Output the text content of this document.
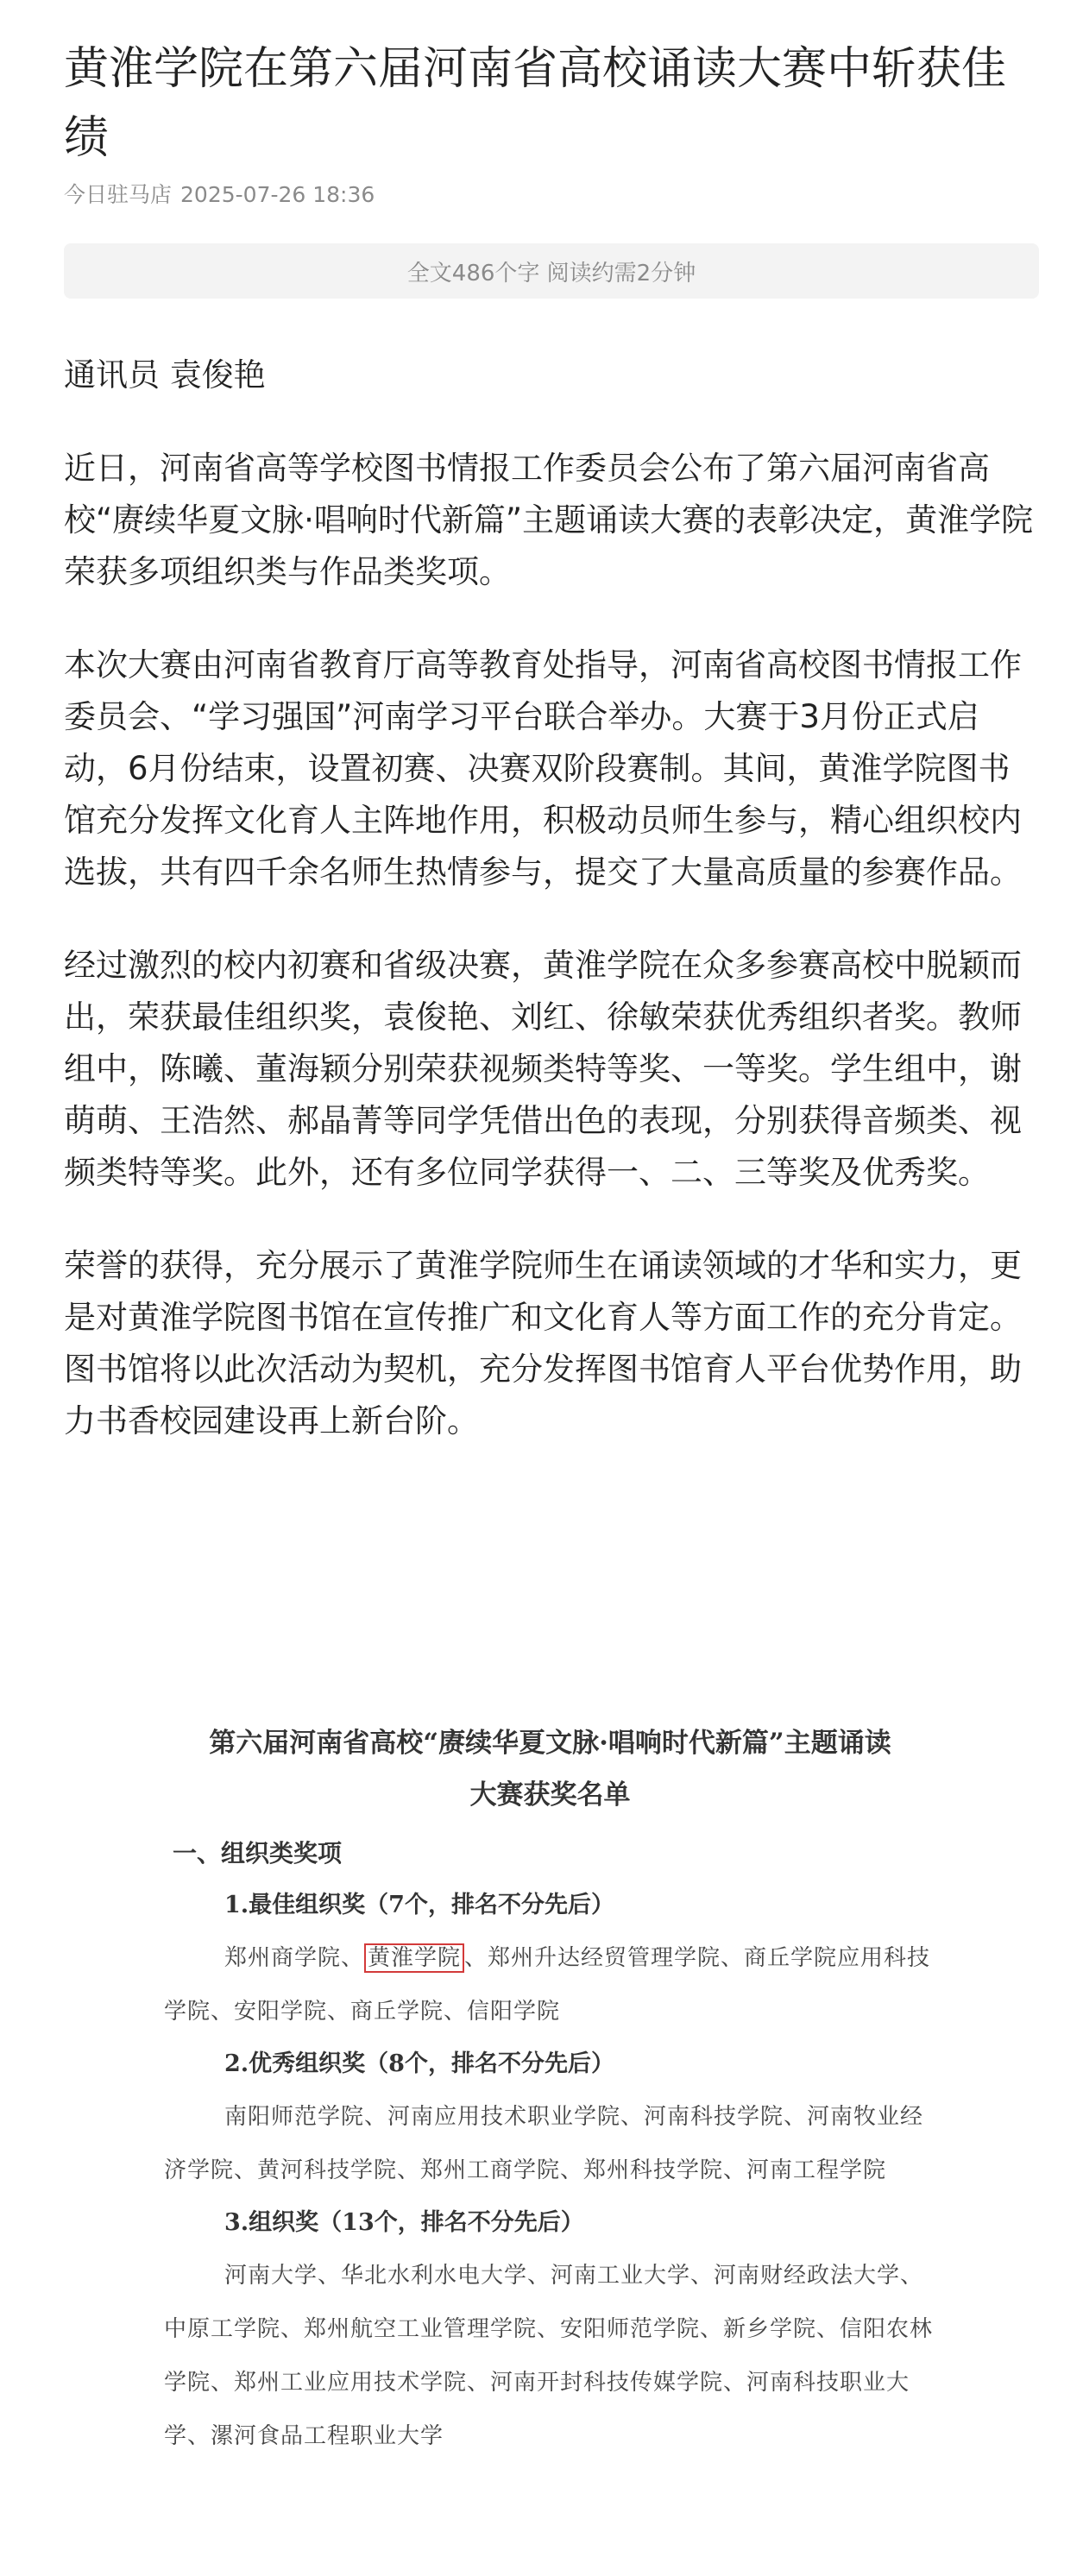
黄淮学院在第六届河南省高校诵读大赛中斩获佳绩
今日驻马店 2025-07-26 18:36
全文486个字 阅读约需2分钟

通讯员 袁俊艳

近日，河南省高等学校图书情报工作委员会公布了第六届河南省高校“赓续华夏文脉·唱响时代新篇”主题诵读大赛的表彰决定，黄淮学院荣获多项组织类与作品类奖项。

本次大赛由河南省教育厅高等教育处指导，河南省高校图书情报工作委员会、“学习强国”河南学习平台联合举办。大赛于3月份正式启动，6月份结束，设置初赛、决赛双阶段赛制。其间，黄淮学院图书馆充分发挥文化育人主阵地作用，积极动员师生参与，精心组织校内选拔，共有四千余名师生热情参与，提交了大量高质量的参赛作品。

经过激烈的校内初赛和省级决赛，黄淮学院在众多参赛高校中脱颖而出，荣获最佳组织奖，袁俊艳、刘红、徐敏荣获优秀组织者奖。教师组中，陈曦、董海颖分别荣获视频类特等奖、一等奖。学生组中，谢萌萌、王浩然、郝晶菁等同学凭借出色的表现，分别获得音频类、视频类特等奖。此外，还有多位同学获得一、二、三等奖及优秀奖。

荣誉的获得，充分展示了黄淮学院师生在诵读领域的才华和实力，更是对黄淮学院图书馆在宣传推广和文化育人等方面工作的充分肯定。图书馆将以此次活动为契机，充分发挥图书馆育人平台优势作用，助力书香校园建设再上新台阶。

第六届河南省高校“赓续华夏文脉·唱响时代新篇”主题诵读

大赛获奖名单

一、组织类奖项

1.最佳组织奖（7个，排名不分先后）

郑州商学院、 黄淮学院 、郑州升达经贸管理学院、商丘学院应用科技学院、安阳学院、商丘学院、信阳学院

2.优秀组织奖（8个，排名不分先后）

南阳师范学院、河南应用技术职业学院、河南科技学院、河南牧业经济学院、黄河科技学院、郑州工商学院、郑州科技学院、河南工程学院

3.组织奖（13个，排名不分先后）

河南大学、华北水利水电大学、河南工业大学、河南财经政法大学、中原工学院、郑州航空工业管理学院、安阳师范学院、新乡学院、信阳农林学院、郑州工业应用技术学院、河南开封科技传媒学院、河南科技职业大学、漯河食品工程职业大学
